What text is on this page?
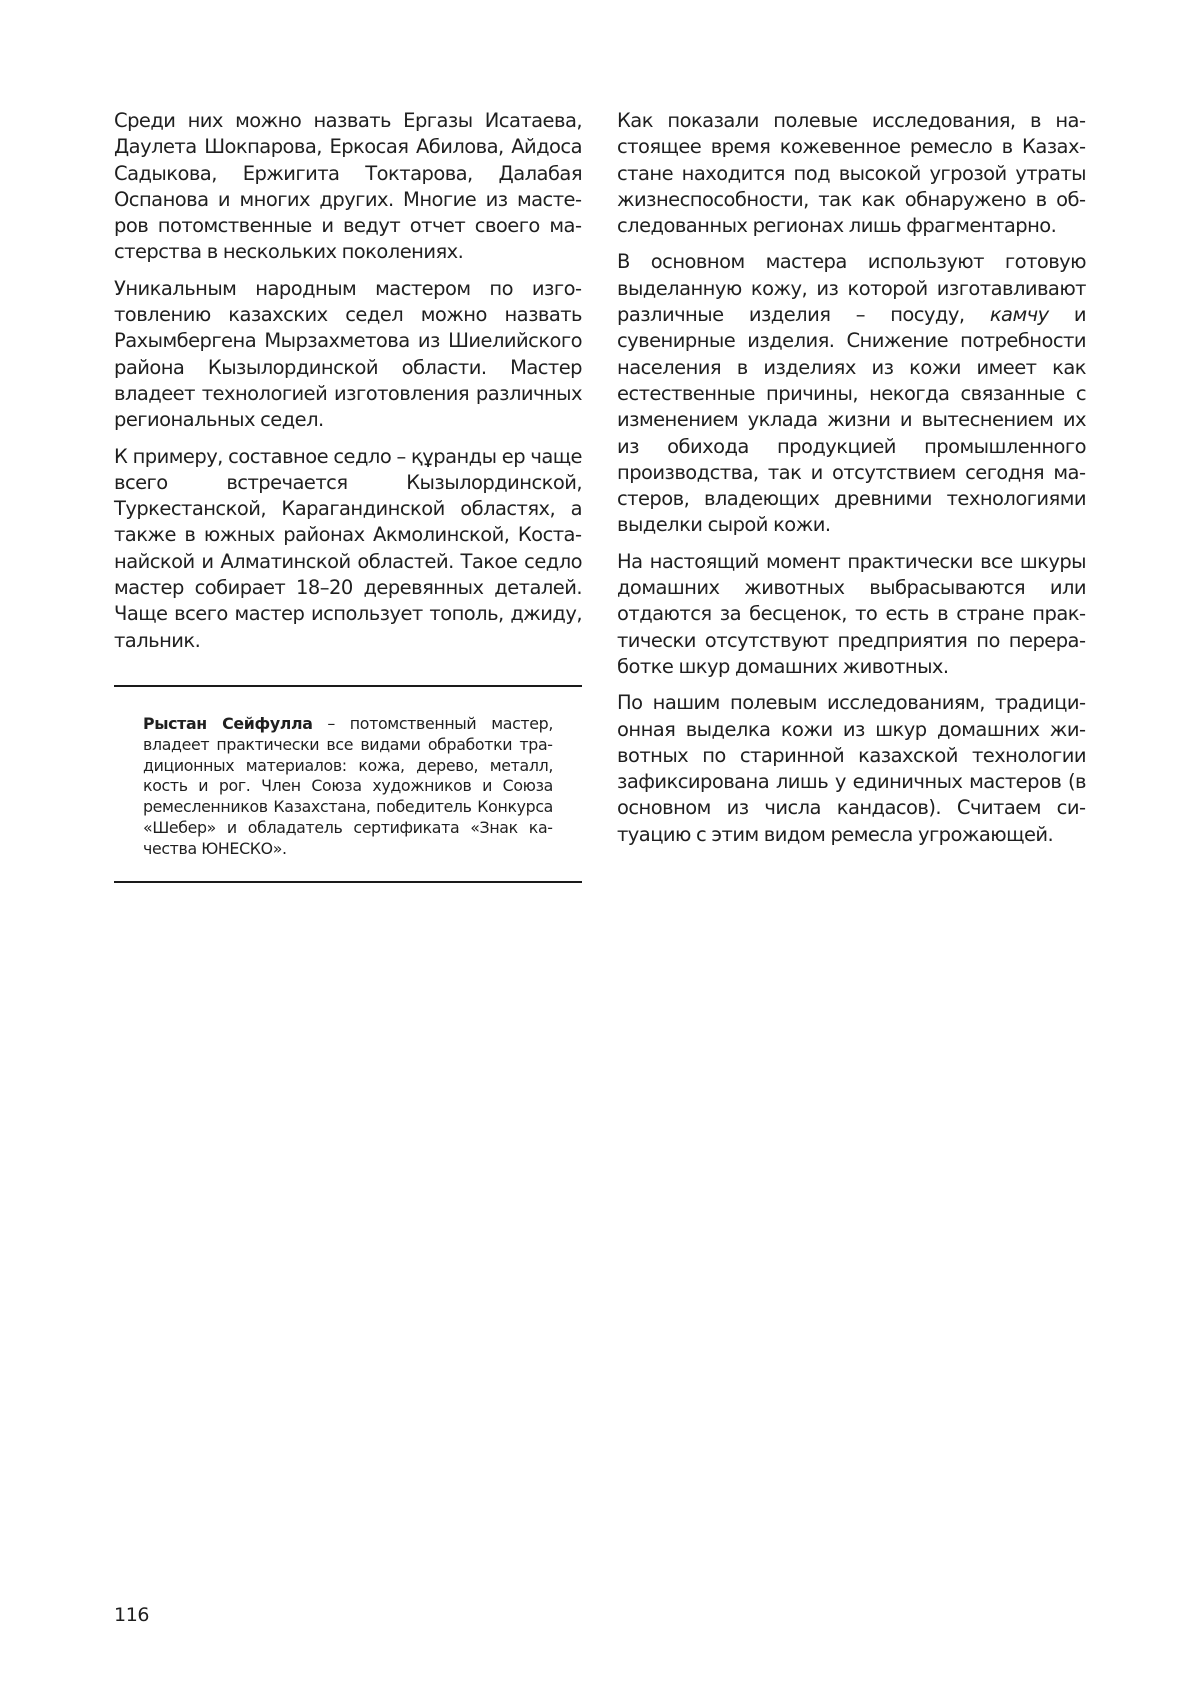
Среди них можно назвать Ергазы Исатаева, Даулета Шокпарова, Еркосая Абилова, Айдоса Садыкова, Ержигита Токтарова, Далабая Оспанова и многих других. Многие из мастеров потомственные и ведут отчет своего мастерства в нескольких поколениях.

Уникальным народным мастером по изготовлению казахских седел можно назвать Рахымбергена Мырзахметова из Шиелийского района Кызылординской области. Мастер владеет технологией изготовления различных региональных седел.

К примеру, составное седло – құранды ер чаще всего встречается Кызылординской, Туркестанской, Карагандинской областях, а также в южных районах Акмолинской, Костанайской и Алматинской областей. Такое седло мастер собирает 18–20 деревянных деталей. Чаще всего мастер использует тополь, джиду, тальник.

Рыстан Сейфулла – потомственный мастер, владеет практически все видами обработки традиционных материалов: кожа, дерево, металл, кость и рог. Член Союза художников и Союза ремесленников Казахстана, победитель Конкурса «Шебер» и обладатель сертификата «Знак качества ЮНЕСКО».

Как показали полевые исследования, в настоящее время кожевенное ремесло в Казахстане находится под высокой угрозой утраты жизнеспособности, так как обнаружено в обследованных регионах лишь фрагментарно.

В основном мастера используют готовую выделанную кожу, из которой изготавливают различные изделия – посуду, камчу и сувенирные изделия. Снижение потребности населения в изделиях из кожи имеет как естественные причины, некогда связанные с изменением уклада жизни и вытеснением их из обихода продукцией промышленного производства, так и отсутствием сегодня мастеров, владеющих древними технологиями выделки сырой кожи.

На настоящий момент практически все шкуры домашних животных выбрасываются или отдаются за бесценок, то есть в стране практически отсутствуют предприятия по переработке шкур домашних животных.

По нашим полевым исследованиям, традиционная выделка кожи из шкур домашних животных по старинной казахской технологии зафиксирована лишь у единичных мастеров (в основном из числа кандасов). Считаем ситуацию с этим видом ремесла угрожающей.

116
